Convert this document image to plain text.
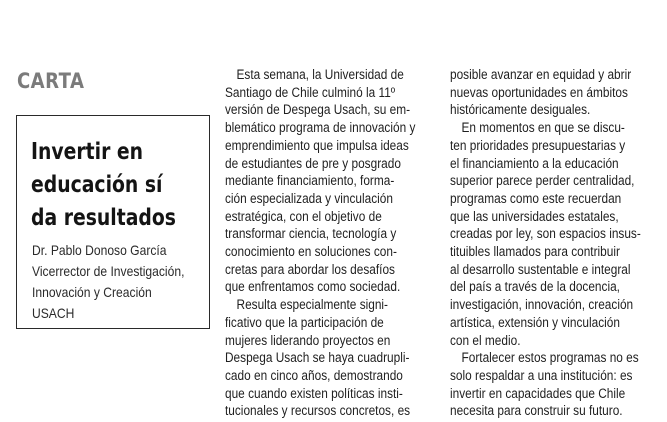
CARTA
Invertir en
educación sí
da resultados
Dr. Pablo Donoso García
Vicerrector de Investigación,
Innovación y Creación
USACH
Esta semana, la Universidad de
Santiago de Chile culminó la 11º
versión de Despega Usach, su em-
blemático programa de innovación y
emprendimiento que impulsa ideas
de estudiantes de pre y posgrado
mediante financiamiento, forma-
ción especializada y vinculación
estratégica, con el objetivo de
transformar ciencia, tecnología y
conocimiento en soluciones con-
cretas para abordar los desafíos
que enfrentamos como sociedad.
Resulta especialmente signi-
ficativo que la participación de
mujeres liderando proyectos en
Despega Usach se haya cuadrupli-
cado en cinco años, demostrando
que cuando existen políticas insti-
tucionales y recursos concretos, es
posible avanzar en equidad y abrir
nuevas oportunidades en ámbitos
históricamente desiguales.
En momentos en que se discu-
ten prioridades presupuestarias y
el financiamiento a la educación
superior parece perder centralidad,
programas como este recuerdan
que las universidades estatales,
creadas por ley, son espacios insus-
tituibles llamados para contribuir
al desarrollo sustentable e integral
del país a través de la docencia,
investigación, innovación, creación
artística, extensión y vinculación
con el medio.
Fortalecer estos programas no es
solo respaldar a una institución: es
invertir en capacidades que Chile
necesita para construir su futuro.
